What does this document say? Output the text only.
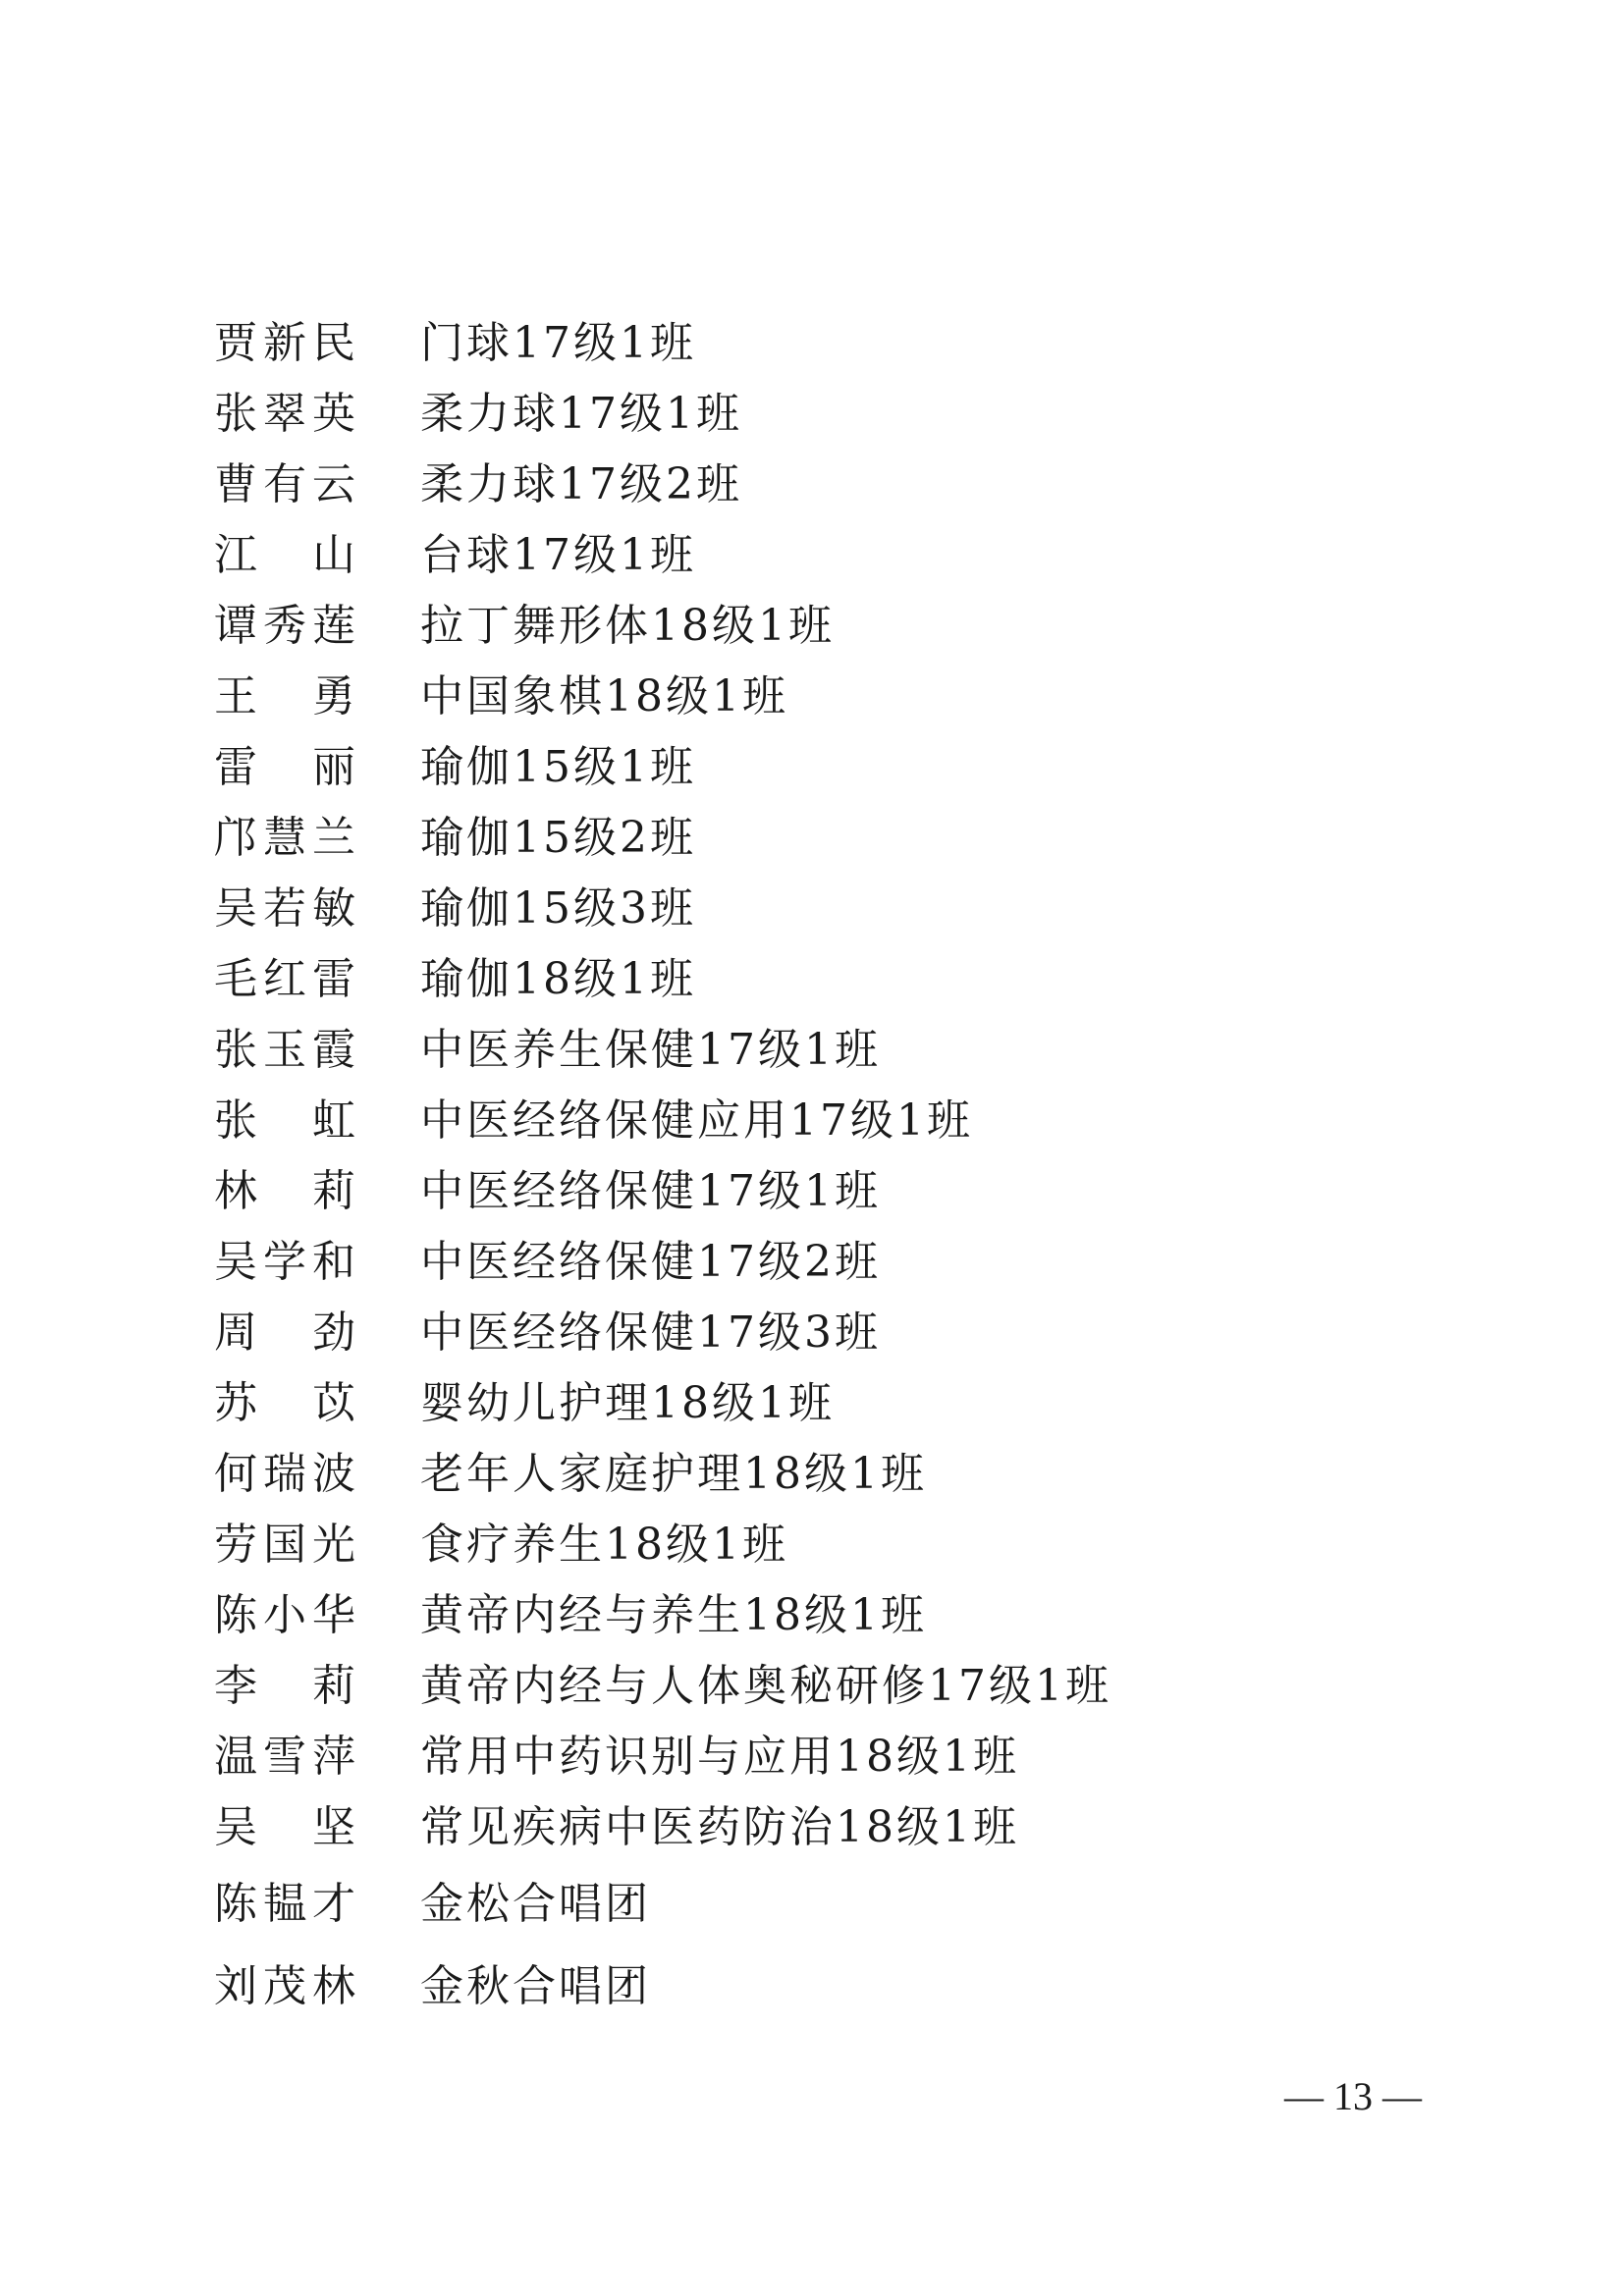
贾新民	门球17级1班
张翠英	柔力球17级1班
曹有云	柔力球17级2班
江　山	台球17级1班
谭秀莲	拉丁舞形体18级1班
王　勇	中国象棋18级1班
雷　丽	瑜伽15级1班
邝慧兰	瑜伽15级2班
吴若敏	瑜伽15级3班
毛红雷	瑜伽18级1班
张玉霞	中医养生保健17级1班
张　虹	中医经络保健应用17级1班
林　莉	中医经络保健17级1班
吴学和	中医经络保健17级2班
周　劲	中医经络保健17级3班
苏　苡	婴幼儿护理18级1班
何瑞波	老年人家庭护理18级1班
劳国光	食疗养生18级1班
陈小华	黄帝内经与养生18级1班
李　莉	黄帝内经与人体奥秘研修17级1班
温雪萍	常用中药识别与应用18级1班
吴　坚	常见疾病中医药防治18级1班
陈韫才	金松合唱团
刘茂林	金秋合唱团
— 13 —
